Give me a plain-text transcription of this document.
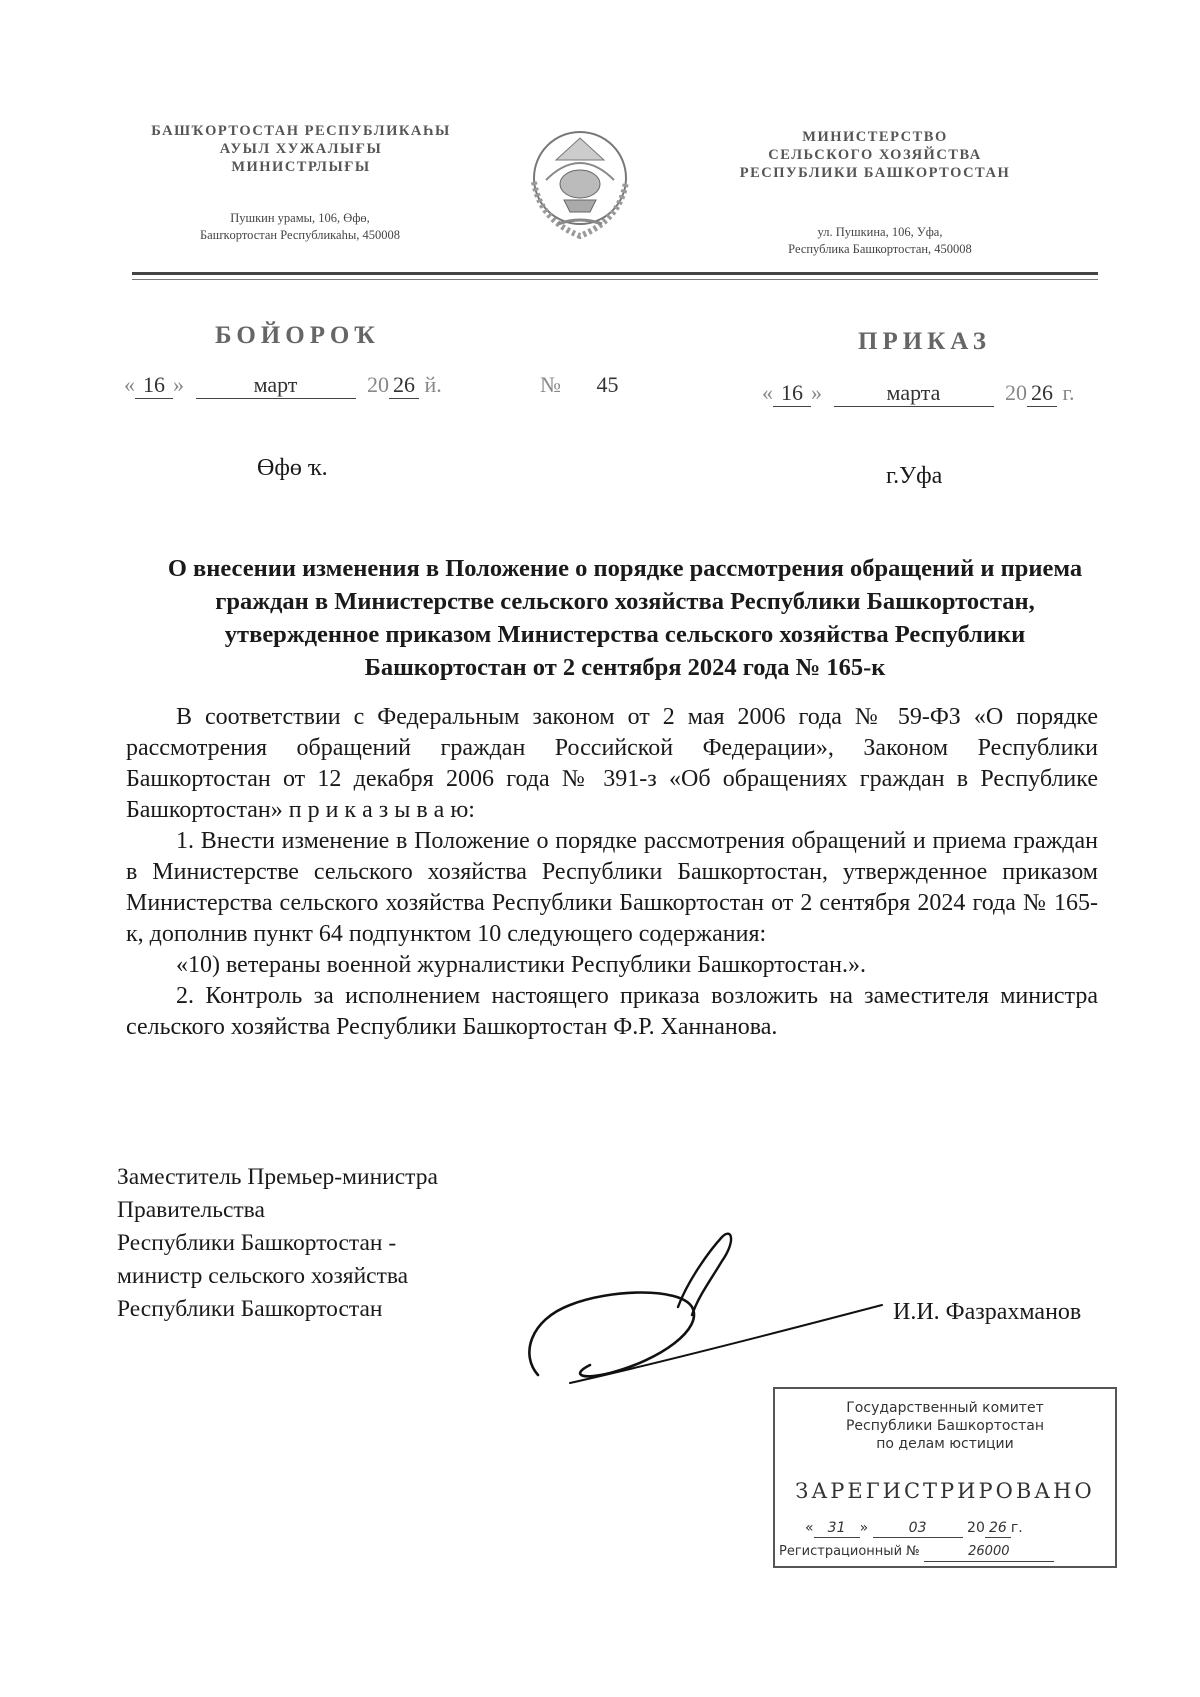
БАШҠОРТОСТАН РЕСПУБЛИКАҺЫ
АУЫЛ ХУЖАЛЫҒЫ
МИНИСТРЛЫҒЫ
Пушкин урамы, 106, Өфө,
Башҡортостан Республикаһы, 450008
МИНИСТЕРСТВО
СЕЛЬСКОГО ХОЗЯЙСТВА
РЕСПУБЛИКИ БАШКОРТОСТАН
ул. Пушкина, 106, Уфа,
Республика Башкортостан, 450008
БОЙОРОҠ	ПРИКАЗ
« 16 »	март	20 26 й.	№ 45	« 16 »	марта	20 26 г.
Өфө ҡ.	г.Уфа
О внесении изменения в Положение о порядке рассмотрения обращений и приема граждан в Министерстве сельского хозяйства Республики Башкортостан, утвержденное приказом Министерства сельского хозяйства Республики Башкортостан от 2 сентября 2024 года № 165-к

В соответствии с Федеральным законом от 2 мая 2006 года № 59-ФЗ «О порядке рассмотрения обращений граждан Российской Федерации», Законом Республики Башкортостан от 12 декабря 2006 года № 391-з «Об обращениях граждан в Республике Башкортостан» п р и к а з ы в а ю:

1. Внести изменение в Положение о порядке рассмотрения обращений и приема граждан в Министерстве сельского хозяйства Республики Башкортостан, утвержденное приказом Министерства сельского хозяйства Республики Башкортостан от 2 сентября 2024 года № 165-к, дополнив пункт 64 подпунктом 10 следующего содержания:

«10) ветераны военной журналистики Республики Башкортостан.».

2. Контроль за исполнением настоящего приказа возложить на заместителя министра сельского хозяйства Республики Башкортостан Ф.Р. Ханнанова.

Заместитель Премьер-министра
Правительства
Республики Башкортостан -
министр сельского хозяйства
Республики Башкортостан	И.И. Фазрахманов
Государственный комитет
Республики Башкортостан
по делам юстиции
ЗАРЕГИСТРИРОВАНО
« 31 »	03	20 26 г.
Регистрационный №	26000
